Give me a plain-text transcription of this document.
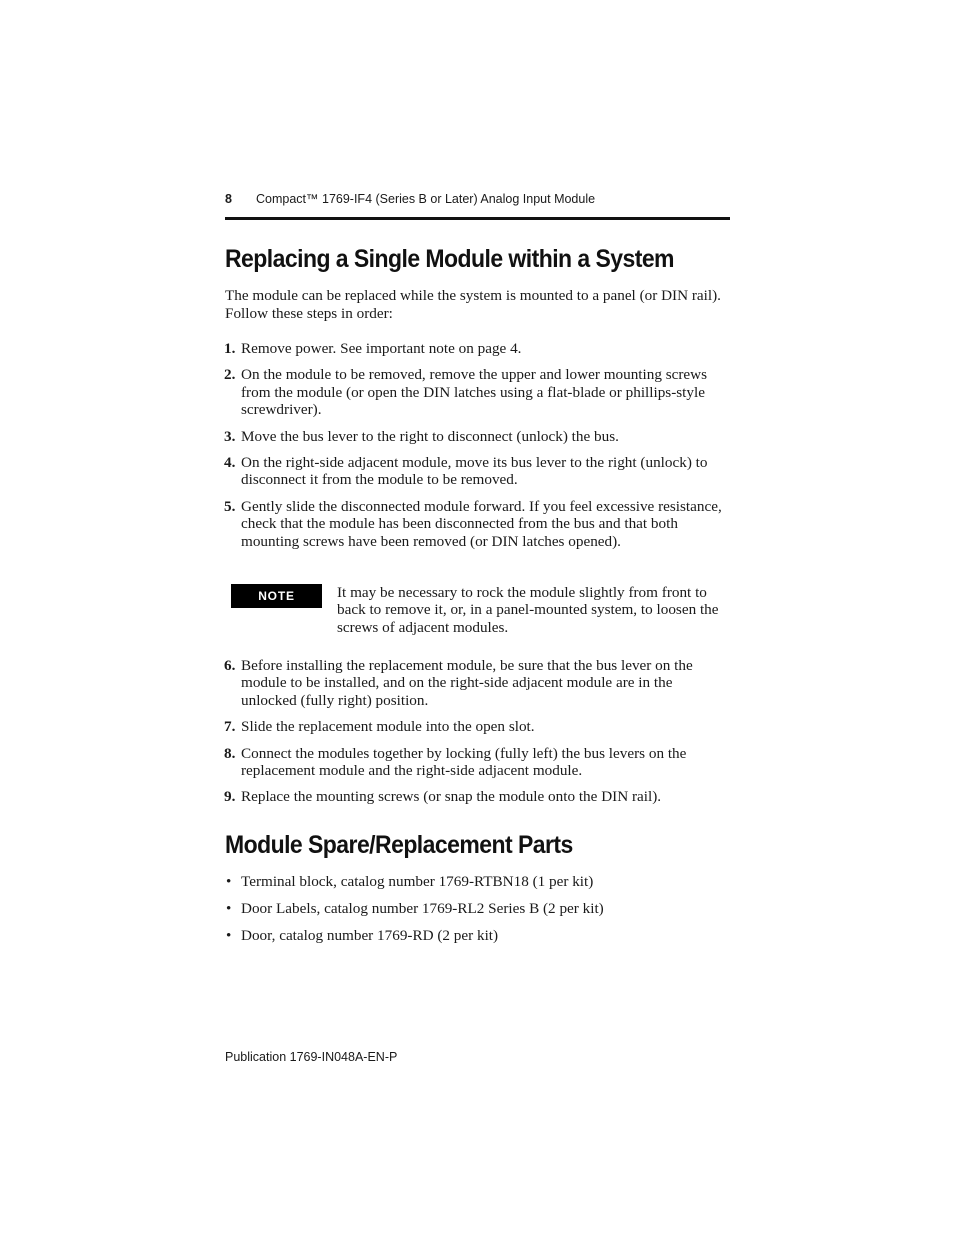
8 Compact™ 1769-IF4 (Series B or Later) Analog Input Module
Replacing a Single Module within a System

The module can be replaced while the system is mounted to a panel (or DIN rail). Follow these steps in order:

1. Remove power. See important note on page 4.
2. On the module to be removed, remove the upper and lower mounting screws from the module (or open the DIN latches using a flat-blade or phillips-style screwdriver).
3. Move the bus lever to the right to disconnect (unlock) the bus.
4. On the right-side adjacent module, move its bus lever to the right (unlock) to disconnect it from the module to be removed.
5. Gently slide the disconnected module forward. If you feel excessive resistance, check that the module has been disconnected from the bus and that both mounting screws have been removed (or DIN latches opened).
NOTE	It may be necessary to rock the module slightly from front to back to remove it, or, in a panel-mounted system, to loosen the screws of adjacent modules.

6. Before installing the replacement module, be sure that the bus lever on the module to be installed, and on the right-side adjacent module are in the unlocked (fully right) position.
7. Slide the replacement module into the open slot.
8. Connect the modules together by locking (fully left) the bus levers on the replacement module and the right-side adjacent module.
9. Replace the mounting screws (or snap the module onto the DIN rail).
Module Spare/Replacement Parts
• Terminal block, catalog number 1769-RTBN18 (1 per kit)
• Door Labels, catalog number 1769-RL2 Series B (2 per kit)
• Door, catalog number 1769-RD (2 per kit)
Publication 1769-IN048A-EN-P
